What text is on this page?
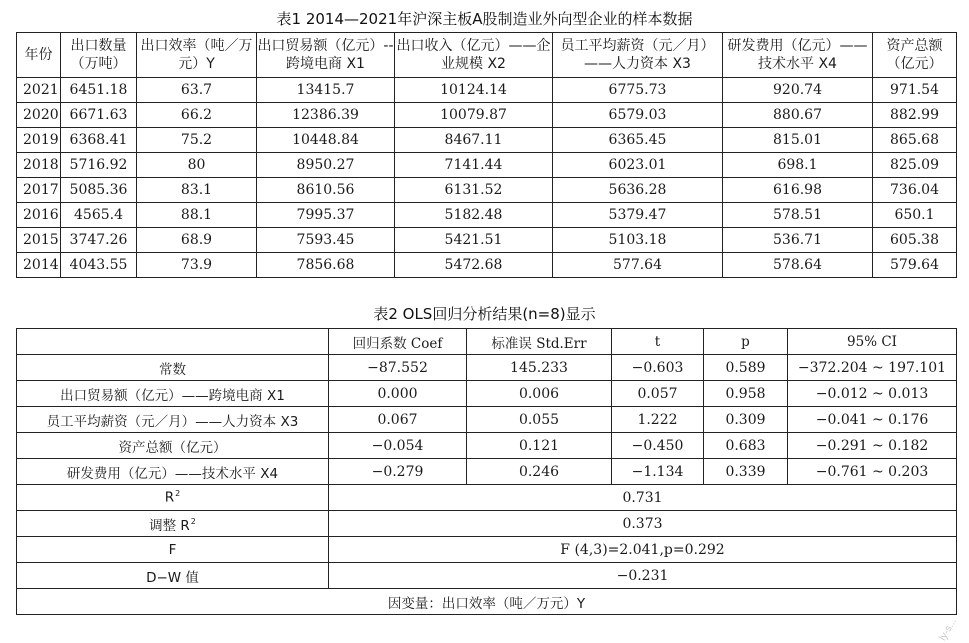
表1 2014—2021年沪深主板A股制造业外向型企业的样本数据
年份	出口数量（万吨）	出口效率（吨／万元）Y	出口贸易额（亿元）-- 跨境电商 X1	出口收入（亿元）——企业规模 X2	员工平均薪资（元／月）——人力资本 X3	研发费用（亿元）——技术水平 X4	资产总额（亿元）
2021	6451.18	63.7	13415.7	10124.14	6775.73	920.74	971.54
2020	6671.63	66.2	12386.39	10079.87	6579.03	880.67	882.99
2019	6368.41	75.2	10448.84	8467.11	6365.45	815.01	865.68
2018	5716.92	80	8950.27	7141.44	6023.01	698.1	825.09
2017	5085.36	83.1	8610.56	6131.52	5636.28	616.98	736.04
2016	4565.4	88.1	7995.37	5182.48	5379.47	578.51	650.1
2015	3747.26	68.9	7593.45	5421.51	5103.18	536.71	605.38
2014	4043.55	73.9	7856.68	5472.68	577.64	578.64	579.64
表2 OLS回归分析结果(n=8)显示
	回归系数 Coef	标准误 Std.Err	t	p	95% CI
常数	−87.552	145.233	−0.603	0.589	−372.204 ~ 197.101
出口贸易额（亿元）——跨境电商 X1	0.000	0.006	0.057	0.958	−0.012 ~ 0.013
员工平均薪资（元／月）——人力资本 X3	0.067	0.055	1.222	0.309	−0.041 ~ 0.176
资产总额（亿元）	−0.054	0.121	−0.450	0.683	−0.291 ~ 0.182
研发费用（亿元）——技术水平 X4	−0.279	0.246	−1.134	0.339	−0.761 ~ 0.203
$R^2$	0.731				
调整 $R^2$	0.373				
F	F (4,3)=2.041,p=0.292				
D−W 值	−0.231				
因变量：出口效率（吨／万元）Y					
ly-s...
